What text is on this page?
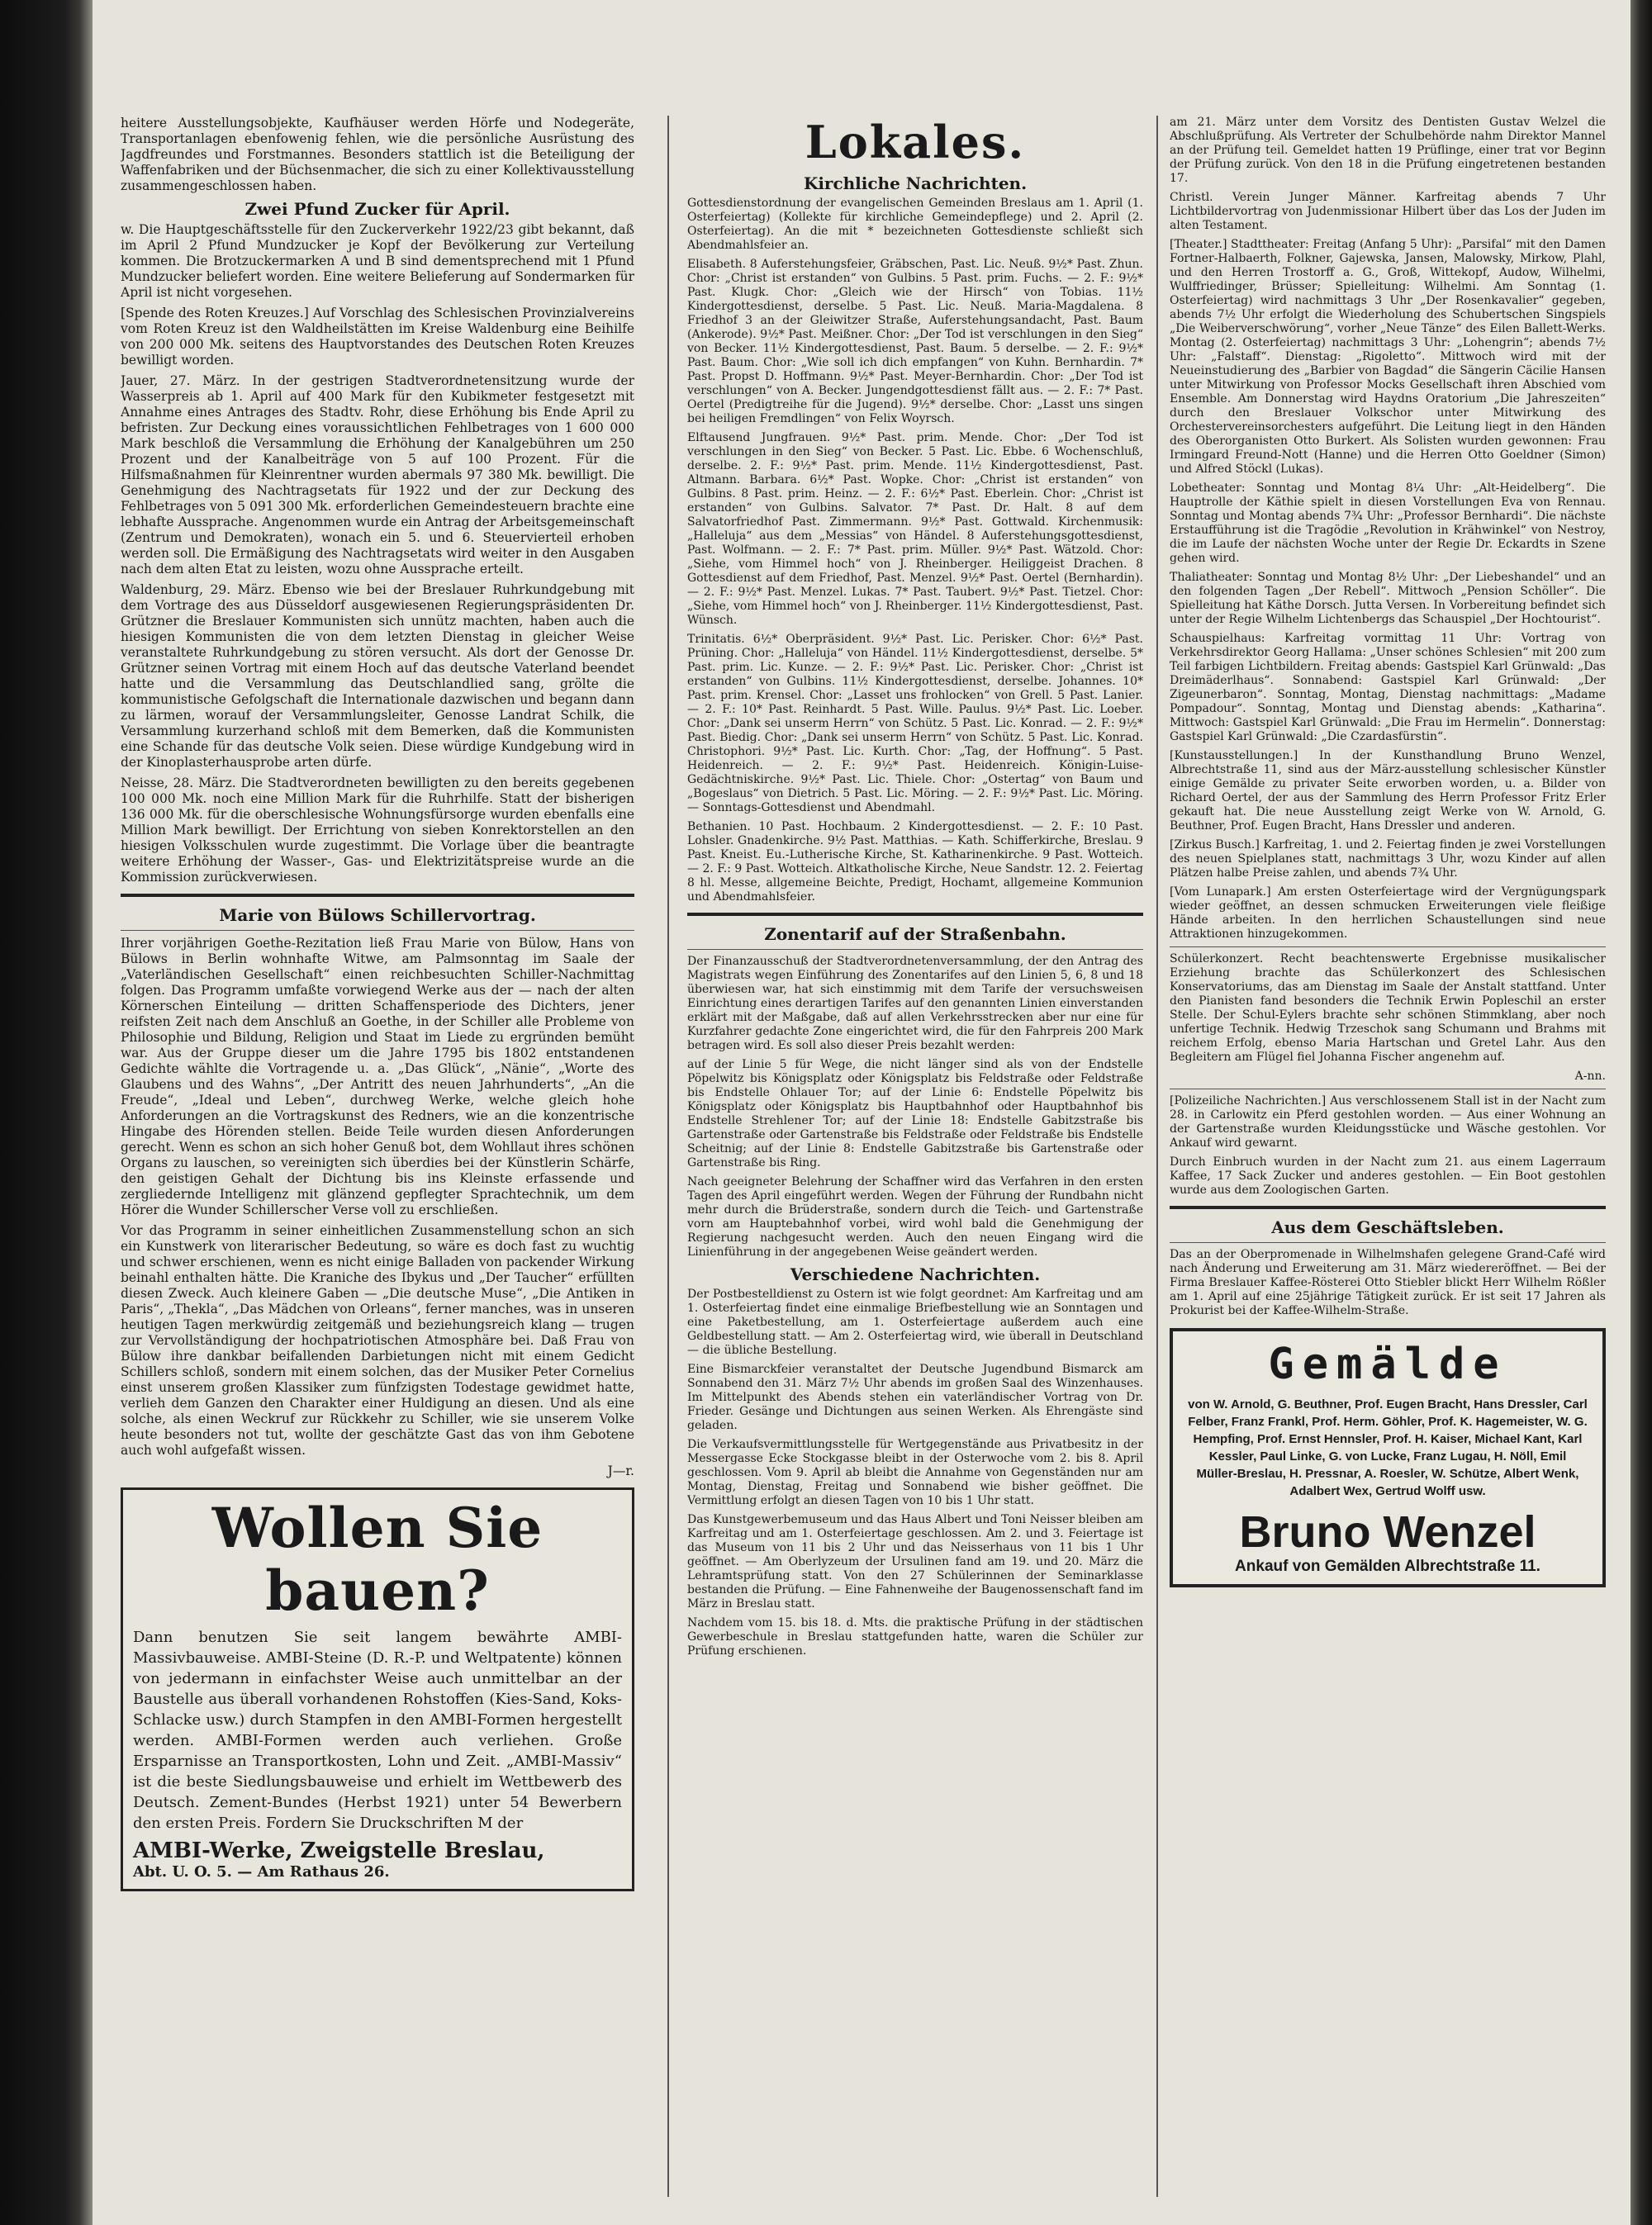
heitere Ausstellungsobjekte, Kaufhäuser werden Hörfe und Nodegeräte, Transportanlagen ebenfowenig fehlen, wie die persönliche Ausrüstung des Jagdfreundes und Forstmannes. Besonders stattlich ist die Beteiligung der Waffenfabriken und der Büchsenmacher, die sich zu einer Kollektivausstellung zusammengeschlossen haben.

Zwei Pfund Zucker für April.

w. Die Hauptgeschäftsstelle für den Zuckerverkehr 1922/23 gibt bekannt, daß im April 2 Pfund Mundzucker je Kopf der Bevölkerung zur Verteilung kommen. Die Brotzuckermarken A und B sind dementsprechend mit 1 Pfund Mundzucker beliefert worden. Eine weitere Belieferung auf Sondermarken für April ist nicht vorgesehen.

[Spende des Roten Kreuzes.] Auf Vorschlag des Schlesischen Provinzialvereins vom Roten Kreuz ist den Waldheilstätten im Kreise Waldenburg eine Beihilfe von 200 000 Mk. seitens des Hauptvorstandes des Deutschen Roten Kreuzes bewilligt worden.

Jauer, 27. März. In der gestrigen Stadtverordnetensitzung wurde der Wasserpreis ab 1. April auf 400 Mark für den Kubikmeter festgesetzt mit Annahme eines Antrages des Stadtv. Rohr, diese Erhöhung bis Ende April zu befristen. Zur Deckung eines voraussichtlichen Fehlbetrages von 1 600 000 Mark beschloß die Versammlung die Erhöhung der Kanalgebühren um 250 Prozent und der Kanalbeiträge von 5 auf 100 Prozent. Für die Hilfsmaßnahmen für Kleinrentner wurden abermals 97 380 Mk. bewilligt. Die Genehmigung des Nachtragsetats für 1922 und der zur Deckung des Fehlbetrages von 5 091 300 Mk. erforderlichen Gemeindesteuern brachte eine lebhafte Aussprache. Angenommen wurde ein Antrag der Arbeitsgemeinschaft (Zentrum und Demokraten), wonach ein 5. und 6. Steuervierteil erhoben werden soll. Die Ermäßigung des Nachtragsetats wird weiter in den Ausgaben nach dem alten Etat zu leisten, wozu ohne Aussprache erteilt.

Waldenburg, 29. März. Ebenso wie bei der Breslauer Ruhrkundgebung mit dem Vortrage des aus Düsseldorf ausgewiesenen Regierungspräsidenten Dr. Grützner die Breslauer Kommunisten sich unnütz machten, haben auch die hiesigen Kommunisten die von dem letzten Dienstag in gleicher Weise veranstaltete Ruhrkundgebung zu stören versucht. Als dort der Genosse Dr. Grützner seinen Vortrag mit einem Hoch auf das deutsche Vaterland beendet hatte und die Versammlung das Deutschlandlied sang, grölte die kommunistische Gefolgschaft die Internationale dazwischen und begann dann zu lärmen, worauf der Versammlungsleiter, Genosse Landrat Schilk, die Versammlung kurzerhand schloß mit dem Bemerken, daß die Kommunisten eine Schande für das deutsche Volk seien. Diese würdige Kundgebung wird in der Kinoplasterhausprobe arten dürfe.

Neisse, 28. März. Die Stadtverordneten bewilligten zu den bereits gegebenen 100 000 Mk. noch eine Million Mark für die Ruhrhilfe. Statt der bisherigen 136 000 Mk. für die oberschlesische Wohnungsfürsorge wurden ebenfalls eine Million Mark bewilligt. Der Errichtung von sieben Konrektorstellen an den hiesigen Volksschulen wurde zugestimmt. Die Vorlage über die beantragte weitere Erhöhung der Wasser-, Gas- und Elektrizitätspreise wurde an die Kommission zurückverwiesen.

Marie von Bülows Schillervortrag.

Ihrer vorjährigen Goethe-Rezitation ließ Frau Marie von Bülow, Hans von Bülows in Berlin wohnhafte Witwe, am Palmsonntag im Saale der „Vaterländischen Gesellschaft“ einen reichbesuchten Schiller-Nachmittag folgen. Das Programm umfaßte vorwiegend Werke aus der — nach der alten Körnerschen Einteilung — dritten Schaffensperiode des Dichters, jener reifsten Zeit nach dem Anschluß an Goethe, in der Schiller alle Probleme von Philosophie und Bildung, Religion und Staat im Liede zu ergründen bemüht war. Aus der Gruppe dieser um die Jahre 1795 bis 1802 entstandenen Gedichte wählte die Vortragende u. a. „Das Glück“, „Nänie“, „Worte des Glaubens und des Wahns“, „Der Antritt des neuen Jahrhunderts“, „An die Freude“, „Ideal und Leben“, durchweg Werke, welche gleich hohe Anforderungen an die Vortragskunst des Redners, wie an die konzentrische Hingabe des Hörenden stellen. Beide Teile wurden diesen Anforderungen gerecht. Wenn es schon an sich hoher Genuß bot, dem Wohllaut ihres schönen Organs zu lauschen, so vereinigten sich überdies bei der Künstlerin Schärfe, den geistigen Gehalt der Dichtung bis ins Kleinste erfassende und zergliedernde Intelligenz mit glänzend gepflegter Sprachtechnik, um dem Hörer die Wunder Schillerscher Verse voll zu erschließen.

Vor das Programm in seiner einheitlichen Zusammenstellung schon an sich ein Kunstwerk von literarischer Bedeutung, so wäre es doch fast zu wuchtig und schwer erschienen, wenn es nicht einige Balladen von packender Wirkung beinahl enthalten hätte. Die Kraniche des Ibykus und „Der Taucher“ erfüllten diesen Zweck. Auch kleinere Gaben — „Die deutsche Muse“, „Die Antiken in Paris“, „Thekla“, „Das Mädchen von Orleans“, ferner manches, was in unseren heutigen Tagen merkwürdig zeitgemäß und beziehungsreich klang — trugen zur Vervollständigung der hochpatriotischen Atmosphäre bei. Daß Frau von Bülow ihre dankbar beifallenden Darbietungen nicht mit einem Gedicht Schillers schloß, sondern mit einem solchen, das der Musiker Peter Cornelius einst unserem großen Klassiker zum fünfzigsten Todestage gewidmet hatte, verlieh dem Ganzen den Charakter einer Huldigung an diesen. Und als eine solche, als einen Weckruf zur Rückkehr zu Schiller, wie sie unserem Volke heute besonders not tut, wollte der geschätzte Gast das von ihm Gebotene auch wohl aufgefaßt wissen.

J—r.

Wollen Sie bauen?

Dann benutzen Sie seit langem bewährte AMBI-Massivbauweise. AMBI-Steine (D. R.-P. und Weltpatente) können von jedermann in einfachster Weise auch unmittelbar an der Baustelle aus überall vorhandenen Rohstoffen (Kies-Sand, Koks-Schlacke usw.) durch Stampfen in den AMBI-Formen hergestellt werden. AMBI-Formen werden auch verliehen. Große Ersparnisse an Transportkosten, Lohn und Zeit. „AMBI-Massiv“ ist die beste Siedlungsbauweise und erhielt im Wettbewerb des Deutsch. Zement-Bundes (Herbst 1921) unter 54 Bewerbern den ersten Preis. Fordern Sie Druckschriften M der

AMBI-Werke, Zweigstelle Breslau,
Abt. U. O. 5. — Am Rathaus 26.
Lokales.
Kirchliche Nachrichten.

Gottesdienstordnung der evangelischen Gemeinden Breslaus am 1. April (1. Osterfeiertag) (Kollekte für kirchliche Gemeindepflege) und 2. April (2. Osterfeiertag). An die mit * bezeichneten Gottesdienste schließt sich Abendmahlsfeier an.

Elisabeth. 8 Auferstehungsfeier, Gräbschen, Past. Lic. Neuß. 9½* Past. Zhun. Chor: „Christ ist erstanden“ von Gulbins. 5 Past. prim. Fuchs. — 2. F.: 9½* Past. Klugk. Chor: „Gleich wie der Hirsch“ von Tobias. 11½ Kindergottesdienst, derselbe. 5 Past. Lic. Neuß. Maria-Magdalena. 8 Friedhof 3 an der Gleiwitzer Straße, Auferstehungsandacht, Past. Baum (Ankerode). 9½* Past. Meißner. Chor: „Der Tod ist verschlungen in den Sieg“ von Becker. 11½ Kindergottesdienst, Past. Baum. 5 derselbe. — 2. F.: 9½* Past. Baum. Chor: „Wie soll ich dich empfangen“ von Kuhn. Bernhardin. 7* Past. Propst D. Hoffmann. 9½* Past. Meyer-Bernhardin. Chor: „Der Tod ist verschlungen“ von A. Becker. Jungendgottesdienst fällt aus. — 2. F.: 7* Past. Oertel (Predigtreihe für die Jugend). 9½* derselbe. Chor: „Lasst uns singen bei heiligen Fremdlingen“ von Felix Woyrsch.

Elftausend Jungfrauen. 9½* Past. prim. Mende. Chor: „Der Tod ist verschlungen in den Sieg“ von Becker. 5 Past. Lic. Ebbe. 6 Wochenschluß, derselbe. 2. F.: 9½* Past. prim. Mende. 11½ Kindergottesdienst, Past. Altmann. Barbara. 6½* Past. Wopke. Chor: „Christ ist erstanden“ von Gulbins. 8 Past. prim. Heinz. — 2. F.: 6½* Past. Eberlein. Chor: „Christ ist erstanden“ von Gulbins. Salvator. 7* Past. Dr. Halt. 8 auf dem Salvatorfriedhof Past. Zimmermann. 9½* Past. Gottwald. Kirchenmusik: „Halleluja“ aus dem „Messias“ von Händel. 8 Auferstehungsgottesdienst, Past. Wolfmann. — 2. F.: 7* Past. prim. Müller. 9½* Past. Wätzold. Chor: „Siehe, vom Himmel hoch“ von J. Rheinberger. Heiliggeist Drachen. 8 Gottesdienst auf dem Friedhof, Past. Menzel. 9½* Past. Oertel (Bernhardin). — 2. F.: 9½* Past. Menzel. Lukas. 7* Past. Taubert. 9½* Past. Tietzel. Chor: „Siehe, vom Himmel hoch“ von J. Rheinberger. 11½ Kindergottesdienst, Past. Wünsch.

Trinitatis. 6½* Oberpräsident. 9½* Past. Lic. Perisker. Chor: 6½* Past. Prüning. Chor: „Halleluja“ von Händel. 11½ Kindergottesdienst, derselbe. 5* Past. prim. Lic. Kunze. — 2. F.: 9½* Past. Lic. Perisker. Chor: „Christ ist erstanden“ von Gulbins. 11½ Kindergottesdienst, derselbe. Johannes. 10* Past. prim. Krensel. Chor: „Lasset uns frohlocken“ von Grell. 5 Past. Lanier. — 2. F.: 10* Past. Reinhardt. 5 Past. Wille. Paulus. 9½* Past. Lic. Loeber. Chor: „Dank sei unserm Herrn“ von Schütz. 5 Past. Lic. Konrad. — 2. F.: 9½* Past. Biedig. Chor: „Dank sei unserm Herrn“ von Schütz. 5 Past. Lic. Konrad. Christophori. 9½* Past. Lic. Kurth. Chor: „Tag, der Hoffnung“. 5 Past. Heidenreich. — 2. F.: 9½* Past. Heidenreich. Königin-Luise-Gedächtniskirche. 9½* Past. Lic. Thiele. Chor: „Ostertag“ von Baum und „Bogeslaus“ von Dietrich. 5 Past. Lic. Möring. — 2. F.: 9½* Past. Lic. Möring. — Sonntags-Gottesdienst und Abendmahl.

Bethanien. 10 Past. Hochbaum. 2 Kindergottesdienst. — 2. F.: 10 Past. Lohsler. Gnadenkirche. 9½ Past. Matthias. — Kath. Schifferkirche, Breslau. 9 Past. Kneist. Eu.-Lutherische Kirche, St. Katharinenkirche. 9 Past. Wotteich. — 2. F.: 9 Past. Wotteich. Altkatholische Kirche, Neue Sandstr. 12. 2. Feiertag 8 hl. Messe, allgemeine Beichte, Predigt, Hochamt, allgemeine Kommunion und Abendmahlsfeier.

Zonentarif auf der Straßenbahn.

Der Finanzausschuß der Stadtverordnetenversammlung, der den Antrag des Magistrats wegen Einführung des Zonentarifes auf den Linien 5, 6, 8 und 18 überwiesen war, hat sich einstimmig mit dem Tarife der versuchsweisen Einrichtung eines derartigen Tarifes auf den genannten Linien einverstanden erklärt mit der Maßgabe, daß auf allen Verkehrsstrecken aber nur eine für Kurzfahrer gedachte Zone eingerichtet wird, die für den Fahrpreis 200 Mark betragen wird. Es soll also dieser Preis bezahlt werden:

auf der Linie 5 für Wege, die nicht länger sind als von der Endstelle Pöpelwitz bis Königsplatz oder Königsplatz bis Feldstraße oder Feldstraße bis Endstelle Ohlauer Tor; auf der Linie 6: Endstelle Pöpelwitz bis Königsplatz oder Königsplatz bis Hauptbahnhof oder Hauptbahnhof bis Endstelle Strehlener Tor; auf der Linie 18: Endstelle Gabitzstraße bis Gartenstraße oder Gartenstraße bis Feldstraße oder Feldstraße bis Endstelle Scheitnig; auf der Linie 8: Endstelle Gabitzstraße bis Gartenstraße oder Gartenstraße bis Ring.

Nach geeigneter Belehrung der Schaffner wird das Verfahren in den ersten Tagen des April eingeführt werden. Wegen der Führung der Rundbahn nicht mehr durch die Brüderstraße, sondern durch die Teich- und Gartenstraße vorn am Hauptebahnhof vorbei, wird wohl bald die Genehmigung der Regierung nachgesucht werden. Auch den neuen Eingang wird die Linienführung in der angegebenen Weise geändert werden.

Verschiedene Nachrichten.

Der Postbestelldienst zu Ostern ist wie folgt geordnet: Am Karfreitag und am 1. Osterfeiertag findet eine einmalige Briefbestellung wie an Sonntagen und eine Paketbestellung, am 1. Osterfeiertage außerdem auch eine Geldbestellung statt. — Am 2. Osterfeiertag wird, wie überall in Deutschland — die übliche Bestellung.

Eine Bismarckfeier veranstaltet der Deutsche Jugendbund Bismarck am Sonnabend den 31. März 7½ Uhr abends im großen Saal des Winzenhauses. Im Mittelpunkt des Abends stehen ein vaterländischer Vortrag von Dr. Frieder. Gesänge und Dichtungen aus seinen Werken. Als Ehrengäste sind geladen.

Die Verkaufsvermittlungsstelle für Wertgegenstände aus Privatbesitz in der Messergasse Ecke Stockgasse bleibt in der Osterwoche vom 2. bis 8. April geschlossen. Vom 9. April ab bleibt die Annahme von Gegenständen nur am Montag, Dienstag, Freitag und Sonnabend wie bisher geöffnet. Die Vermittlung erfolgt an diesen Tagen von 10 bis 1 Uhr statt.

Das Kunstgewerbemuseum und das Haus Albert und Toni Neisser bleiben am Karfreitag und am 1. Osterfeiertage geschlossen. Am 2. und 3. Feiertage ist das Museum von 11 bis 2 Uhr und das Neisserhaus von 11 bis 1 Uhr geöffnet. — Am Oberlyzeum der Ursulinen fand am 19. und 20. März die Lehramtsprüfung statt. Von den 27 Schülerinnen der Seminarklasse bestanden die Prüfung. — Eine Fahnenweihe der Baugenossenschaft fand im März in Breslau statt.

Nachdem vom 15. bis 18. d. Mts. die praktische Prüfung in der städtischen Gewerbeschule in Breslau stattgefunden hatte, waren die Schüler zur Prüfung erschienen.

am 21. März unter dem Vorsitz des Dentisten Gustav Welzel die Abschlußprüfung. Als Vertreter der Schulbehörde nahm Direktor Mannel an der Prüfung teil. Gemeldet hatten 19 Prüflinge, einer trat vor Beginn der Prüfung zurück. Von den 18 in die Prüfung eingetretenen bestanden 17.

Christl. Verein Junger Männer. Karfreitag abends 7 Uhr Lichtbildervortrag von Judenmissionar Hilbert über das Los der Juden im alten Testament.

[Theater.] Stadttheater: Freitag (Anfang 5 Uhr): „Parsifal“ mit den Damen Fortner-Halbaerth, Folkner, Gajewska, Jansen, Malowsky, Mirkow, Plahl, und den Herren Trostorff a. G., Groß, Wittekopf, Audow, Wilhelmi, Wulffriedinger, Brüsser; Spielleitung: Wilhelmi. Am Sonntag (1. Osterfeiertag) wird nachmittags 3 Uhr „Der Rosenkavalier“ gegeben, abends 7½ Uhr erfolgt die Wiederholung des Schubertschen Singspiels „Die Weiberverschwörung“, vorher „Neue Tänze“ des Eilen Ballett-Werks. Montag (2. Osterfeiertag) nachmittags 3 Uhr: „Lohengrin“; abends 7½ Uhr: „Falstaff“. Dienstag: „Rigoletto“. Mittwoch wird mit der Neueinstudierung des „Barbier von Bagdad“ die Sängerin Cäcilie Hansen unter Mitwirkung von Professor Mocks Gesellschaft ihren Abschied vom Ensemble. Am Donnerstag wird Haydns Oratorium „Die Jahreszeiten“ durch den Breslauer Volkschor unter Mitwirkung des Orchestervereinsorchesters aufgeführt. Die Leitung liegt in den Händen des Oberorganisten Otto Burkert. Als Solisten wurden gewonnen: Frau Irmingard Freund-Nott (Hanne) und die Herren Otto Goeldner (Simon) und Alfred Stöckl (Lukas).

Lobetheater: Sonntag und Montag 8¼ Uhr: „Alt-Heidelberg“. Die Hauptrolle der Käthie spielt in diesen Vorstellungen Eva von Rennau. Sonntag und Montag abends 7¾ Uhr: „Professor Bernhardi“. Die nächste Erstaufführung ist die Tragödie „Revolution in Krähwinkel“ von Nestroy, die im Laufe der nächsten Woche unter der Regie Dr. Eckardts in Szene gehen wird.

Thaliatheater: Sonntag und Montag 8½ Uhr: „Der Liebeshandel“ und an den folgenden Tagen „Der Rebell“. Mittwoch „Pension Schöller“. Die Spielleitung hat Käthe Dorsch. Jutta Versen. In Vorbereitung befindet sich unter der Regie Wilhelm Lichtenbergs das Schauspiel „Der Hochtourist“.

Schauspielhaus: Karfreitag vormittag 11 Uhr: Vortrag von Verkehrsdirektor Georg Hallama: „Unser schönes Schlesien“ mit 200 zum Teil farbigen Lichtbildern. Freitag abends: Gastspiel Karl Grünwald: „Das Dreimäderlhaus“. Sonnabend: Gastspiel Karl Grünwald: „Der Zigeunerbaron“. Sonntag, Montag, Dienstag nachmittags: „Madame Pompadour“. Sonntag, Montag und Dienstag abends: „Katharina“. Mittwoch: Gastspiel Karl Grünwald: „Die Frau im Hermelin“. Donnerstag: Gastspiel Karl Grünwald: „Die Czardasfürstin“.

[Kunstausstellungen.] In der Kunsthandlung Bruno Wenzel, Albrechtstraße 11, sind aus der März-ausstellung schlesischer Künstler einige Gemälde zu privater Seite erworben worden, u. a. Bilder von Richard Oertel, der aus der Sammlung des Herrn Professor Fritz Erler gekauft hat. Die neue Ausstellung zeigt Werke von W. Arnold, G. Beuthner, Prof. Eugen Bracht, Hans Dressler und anderen.

[Zirkus Busch.] Karfreitag, 1. und 2. Feiertag finden je zwei Vorstellungen des neuen Spielplanes statt, nachmittags 3 Uhr, wozu Kinder auf allen Plätzen halbe Preise zahlen, und abends 7¾ Uhr.

[Vom Lunapark.] Am ersten Osterfeiertage wird der Vergnügungspark wieder geöffnet, an dessen schmucken Erweiterungen viele fleißige Hände arbeiten. In den herrlichen Schaustellungen sind neue Attraktionen hinzugekommen.

Schülerkonzert. Recht beachtenswerte Ergebnisse musikalischer Erziehung brachte das Schülerkonzert des Schlesischen Konservatoriums, das am Dienstag im Saale der Anstalt stattfand. Unter den Pianisten fand besonders die Technik Erwin Popleschil an erster Stelle. Der Schul-Eylers brachte sehr schönen Stimmklang, aber noch unfertige Technik. Hedwig Trzeschok sang Schumann und Brahms mit reichem Erfolg, ebenso Maria Hartschan und Gretel Lahr. Aus den Begleitern am Flügel fiel Johanna Fischer angenehm auf.

A-nn.

[Polizeiliche Nachrichten.] Aus verschlossenem Stall ist in der Nacht zum 28. in Carlowitz ein Pferd gestohlen worden. — Aus einer Wohnung an der Gartenstraße wurden Kleidungsstücke und Wäsche gestohlen. Vor Ankauf wird gewarnt.

Durch Einbruch wurden in der Nacht zum 21. aus einem Lagerraum Kaffee, 17 Sack Zucker und anderes gestohlen. — Ein Boot gestohlen wurde aus dem Zoologischen Garten.

Aus dem Geschäftsleben.

Das an der Oberpromenade in Wilhelmshafen gelegene Grand-Café wird nach Änderung und Erweiterung am 31. März wiedereröffnet. — Bei der Firma Breslauer Kaffee-Rösterei Otto Stiebler blickt Herr Wilhelm Rößler am 1. April auf eine 25jährige Tätigkeit zurück. Er ist seit 17 Jahren als Prokurist bei der Kaffee-Wilhelm-Straße.

Gemälde
von W. Arnold, G. Beuthner, Prof. Eugen Bracht, Hans Dressler, Carl Felber, Franz Frankl, Prof. Herm. Göhler, Prof. K. Hagemeister, W. G. Hempfing, Prof. Ernst Hennsler, Prof. H. Kaiser, Michael Kant, Karl Kessler, Paul Linke, G. von Lucke, Franz Lugau, H. Nöll, Emil Müller-Breslau, H. Pressnar, A. Roesler, W. Schütze, Albert Wenk, Adalbert Wex, Gertrud Wolff usw.
Bruno Wenzel
Ankauf von Gemälden Albrechtstraße 11.
